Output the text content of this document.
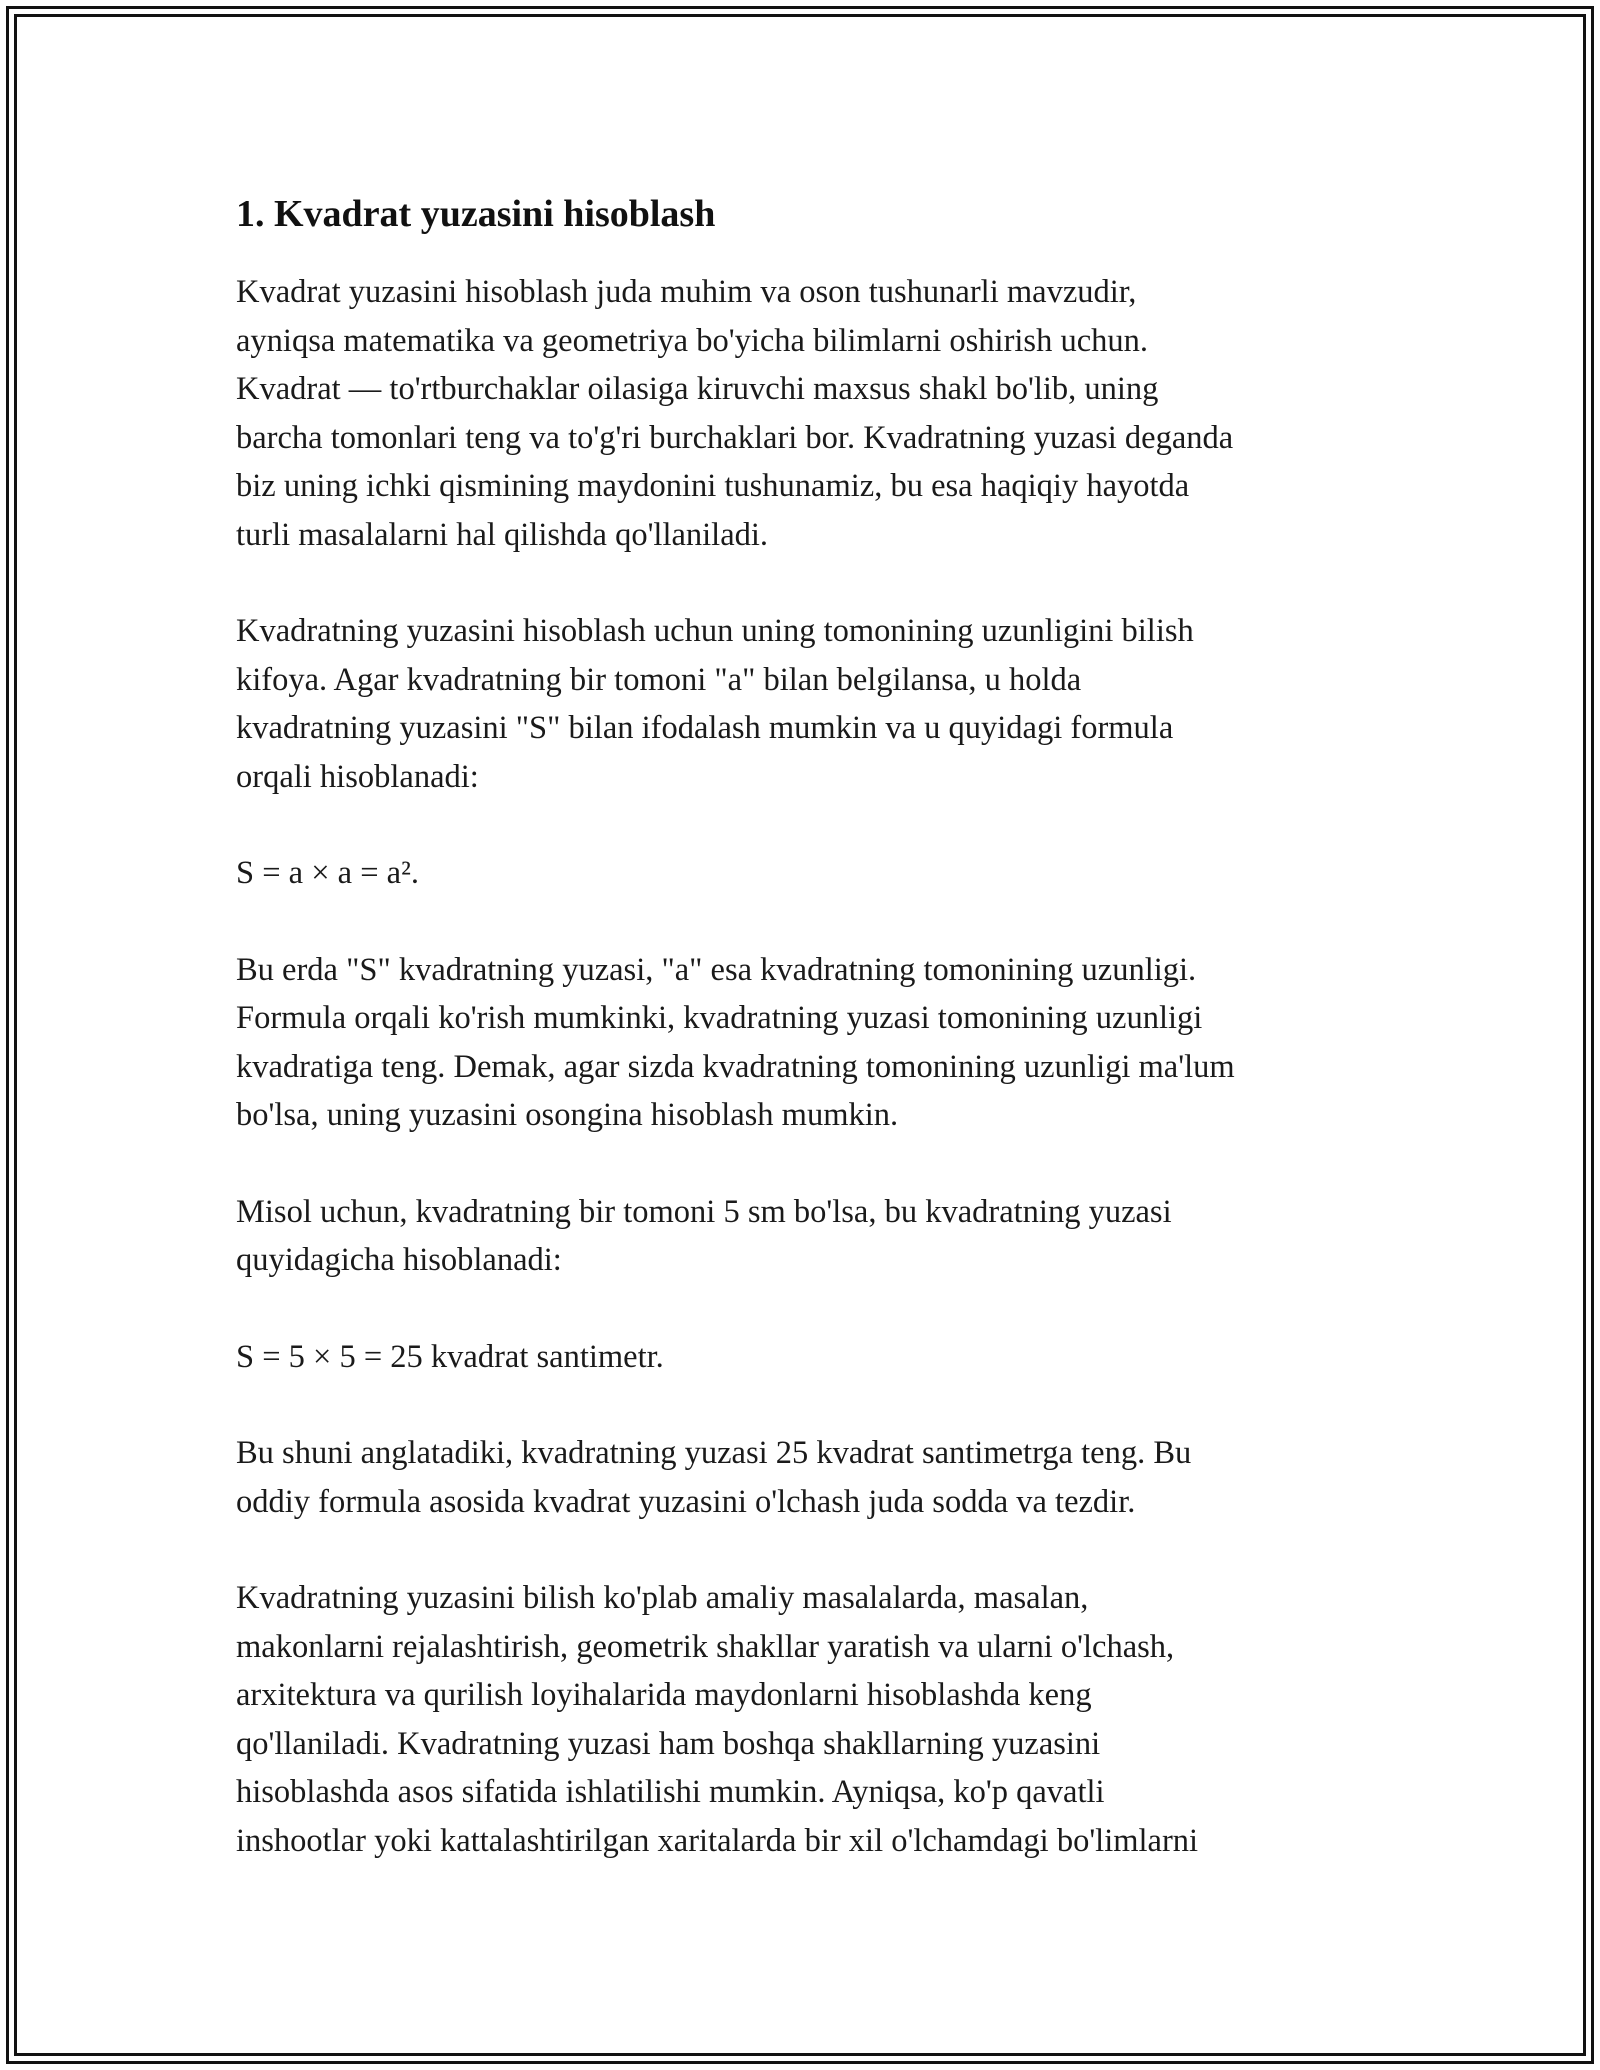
1. Kvadrat yuzasini hisoblash

Kvadrat yuzasini hisoblash juda muhim va oson tushunarli mavzudir,
ayniqsa matematika va geometriya bo'yicha bilimlarni oshirish uchun.
Kvadrat — to'rtburchaklar oilasiga kiruvchi maxsus shakl bo'lib, uning
barcha tomonlari teng va to'g'ri burchaklari bor. Kvadratning yuzasi deganda
biz uning ichki qismining maydonini tushunamiz, bu esa haqiqiy hayotda
turli masalalarni hal qilishda qo'llaniladi.

Kvadratning yuzasini hisoblash uchun uning tomonining uzunligini bilish
kifoya. Agar kvadratning bir tomoni "a" bilan belgilansa, u holda
kvadratning yuzasini "S" bilan ifodalash mumkin va u quyidagi formula
orqali hisoblanadi:

S = a × a = a².

Bu erda "S" kvadratning yuzasi, "a" esa kvadratning tomonining uzunligi.
Formula orqali ko'rish mumkinki, kvadratning yuzasi tomonining uzunligi
kvadratiga teng. Demak, agar sizda kvadratning tomonining uzunligi ma'lum
bo'lsa, uning yuzasini osongina hisoblash mumkin.

Misol uchun, kvadratning bir tomoni 5 sm bo'lsa, bu kvadratning yuzasi
quyidagicha hisoblanadi:

S = 5 × 5 = 25 kvadrat santimetr.

Bu shuni anglatadiki, kvadratning yuzasi 25 kvadrat santimetrga teng. Bu
oddiy formula asosida kvadrat yuzasini o'lchash juda sodda va tezdir.

Kvadratning yuzasini bilish ko'plab amaliy masalalarda, masalan,
makonlarni rejalashtirish, geometrik shakllar yaratish va ularni o'lchash,
arxitektura va qurilish loyihalarida maydonlarni hisoblashda keng
qo'llaniladi. Kvadratning yuzasi ham boshqa shakllarning yuzasini
hisoblashda asos sifatida ishlatilishi mumkin. Ayniqsa, ko'p qavatli
inshootlar yoki kattalashtirilgan xaritalarda bir xil o'lchamdagi bo'limlarni
